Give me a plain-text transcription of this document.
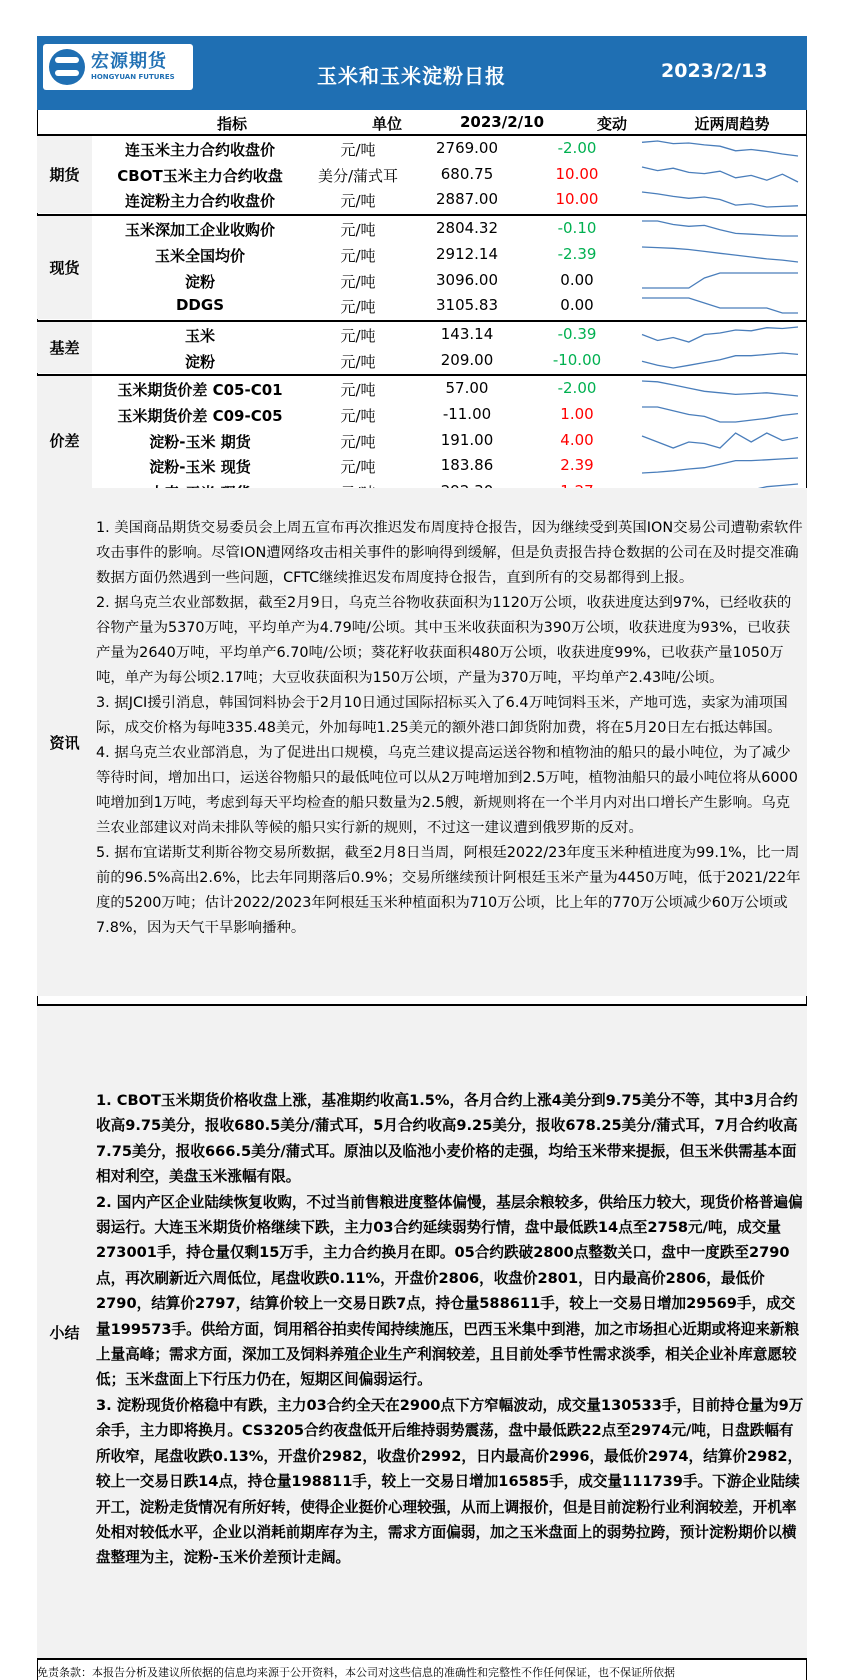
宏源期货
HONGYUAN FUTURES	玉米和玉米淀粉日报	2023/2/13
指标	单位	2023/2/10	变动	近两周趋势
期货
连玉米主力合约收盘价	元/吨	2769.00	-2.00
CBOT玉米主力合约收盘	美分/蒲式耳	680.75	10.00
连淀粉主力合约收盘价	元/吨	2887.00	10.00
现货
玉米深加工企业收购价	元/吨	2804.32	-0.10
玉米全国均价	元/吨	2912.14	-2.39
淀粉	元/吨	3096.00	0.00
DDGS	元/吨	3105.83	0.00
基差
玉米	元/吨	143.14	-0.39
淀粉	元/吨	209.00	-10.00
价差
玉米期货价差 C05-C01	元/吨	57.00	-2.00
玉米期货价差 C09-C05	元/吨	-11.00	1.00
淀粉-玉米 期货	元/吨	191.00	4.00
淀粉-玉米 现货	元/吨	183.86	2.39
资讯

1. 美国商品期货交易委员会上周五宣布再次推迟发布周度持仓报告，因为继续受到英国ION交易公司遭勒索软件攻击事件的影响。尽管ION遭网络攻击相关事件的影响得到缓解，但是负责报告持仓数据的公司在及时提交准确数据方面仍然遇到一些问题，CFTC继续推迟发布周度持仓报告，直到所有的交易都得到上报。

2. 据乌克兰农业部数据，截至2月9日，乌克兰谷物收获面积为1120万公顷，收获进度达到97%，已经收获的谷物产量为5370万吨，平均单产为4.79吨/公顷。其中玉米收获面积为390万公顷，收获进度为93%，已收获产量为2640万吨，平均单产6.70吨/公顷；葵花籽收获面积480万公顷，收获进度99%，已收获产量1050万吨，单产为每公顷2.17吨；大豆收获面积为150万公顷，产量为370万吨，平均单产2.43吨/公顷。

3. 据JCI援引消息，韩国饲料协会于2月10日通过国际招标买入了6.4万吨饲料玉米，产地可选，卖家为浦项国际，成交价格为每吨335.48美元，外加每吨1.25美元的额外港口卸货附加费，将在5月20日左右抵达韩国。

4. 据乌克兰农业部消息，为了促进出口规模，乌克兰建议提高运送谷物和植物油的船只的最小吨位，为了减少等待时间，增加出口，运送谷物船只的最低吨位可以从2万吨增加到2.5万吨，植物油船只的最小吨位将从6000吨增加到1万吨，考虑到每天平均检查的船只数量为2.5艘，新规则将在一个半月内对出口增长产生影响。乌克兰农业部建议对尚未排队等候的船只实行新的规则，不过这一建议遭到俄罗斯的反对。

5. 据布宜诺斯艾利斯谷物交易所数据，截至2月8日当周，阿根廷2022/23年度玉米种植进度为99.1%，比一周前的96.5%高出2.6%，比去年同期落后0.9%；交易所继续预计阿根廷玉米产量为4450万吨，低于2021/22年度的5200万吨；估计2022/2023年阿根廷玉米种植面积为710万公顷，比上年的770万公顷减少60万公顷或7.8%，因为天气干旱影响播种。

小结

1. CBOT玉米期货价格收盘上涨，基准期约收高1.5%，各月合约上涨4美分到9.75美分不等，其中3月合约收高9.75美分，报收680.5美分/蒲式耳，5月合约收高9.25美分，报收678.25美分/蒲式耳，7月合约收高7.75美分，报收666.5美分/蒲式耳。原油以及临池小麦价格的走强，均给玉米带来提振，但玉米供需基本面相对利空，美盘玉米涨幅有限。

2. 国内产区企业陆续恢复收购，不过当前售粮进度整体偏慢，基层余粮较多，供给压力较大，现货价格普遍偏弱运行。大连玉米期货价格继续下跌，主力03合约延续弱势行情，盘中最低跌14点至2758元/吨，成交量273001手，持仓量仅剩15万手，主力合约换月在即。05合约跌破2800点整数关口，盘中一度跌至2790点，再次刷新近六周低位，尾盘收跌0.11%，开盘价2806，收盘价2801，日内最高价2806，最低价2790，结算价2797，结算价较上一交易日跌7点，持仓量588611手，较上一交易日增加29569手，成交量199573手。供给方面，饲用稻谷拍卖传闻持续施压，巴西玉米集中到港，加之市场担心近期或将迎来新粮上量高峰；需求方面，深加工及饲料养殖企业生产利润较差，且目前处季节性需求淡季，相关企业补库意愿较低；玉米盘面上下行压力仍在，短期区间偏弱运行。

3. 淀粉现货价格稳中有跌，主力03合约全天在2900点下方窄幅波动，成交量130533手，目前持仓量为9万余手，主力即将换月。CS3205合约夜盘低开后维持弱势震荡，盘中最低跌22点至2974元/吨，日盘跌幅有所收窄，尾盘收跌0.13%，开盘价2982，收盘价2992，日内最高价2996，最低价2974，结算价2982，较上一交易日跌14点，持仓量198811手，较上一交易日增加16585手，成交量111739手。下游企业陆续开工，淀粉走货情况有所好转，使得企业挺价心理较强，从而上调报价，但是目前淀粉行业利润较差，开机率处相对较低水平，企业以消耗前期库存为主，需求方面偏弱，加之玉米盘面上的弱势拉跨，预计淀粉期价以横盘整理为主，淀粉-玉米价差预计走阔。

免责条款：本报告分析及建议所依据的信息均来源于公开资料，本公司对这些信息的准确性和完整性不作任何保证，也不保证所依据
